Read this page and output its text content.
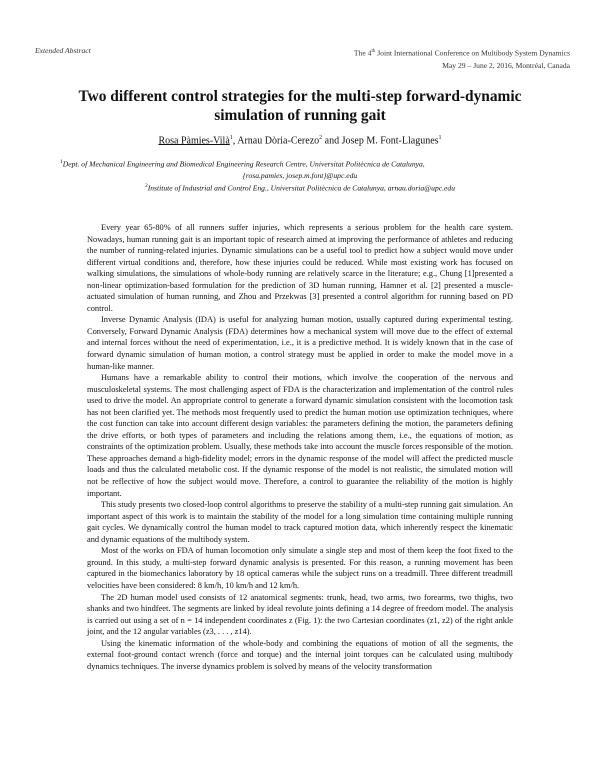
Extended Abstract	The 4th Joint International Conference on Multibody System Dynamics
May 29 – June 2, 2016, Montréal, Canada
Two different control strategies for the multi-step forward-dynamic
simulation of running gait
Rosa Pàmies-Vilà$^1$, Arnau Dòria-Cerezo$^2$ and Josep M. Font-Llagunes$^1$
$^1$Dept. of Mechanical Engineering and Biomedical Engineering Research Centre, Universitat Politècnica de Catalunya,
{rosa.pamies, josep.m.font}@upc.edu
$^2$Institute of Industrial and Control Eng., Universitat Politècnica de Catalunya, arnau.doria@upc.edu

Every year 65-80% of all runners suffer injuries, which represents a serious problem for the health care system. Nowadays, human running gait is an important topic of research aimed at improving the performance of athletes and reducing the number of running-related injuries. Dynamic simulations can be a useful tool to predict how a subject would move under different virtual conditions and, therefore, how these injuries could be reduced. While most existing work has focused on walking simulations, the simulations of whole-body running are relatively scarce in the literature; e.g., Chung [1]presented a non-linear optimization-based formulation for the prediction of 3D human running, Hamner et al. [2] presented a muscle-actuated simulation of human running, and Zhou and Przekwas [3] presented a control algorithm for running based on PD control.

Inverse Dynamic Analysis (IDA) is useful for analyzing human motion, usually captured during experimental testing. Conversely, Forward Dynamic Analysis (FDA) determines how a mechanical system will move due to the effect of external and internal forces without the need of experimentation, i.e., it is a predictive method. It is widely known that in the case of forward dynamic simulation of human motion, a control strategy must be applied in order to make the model move in a human-like manner.

Humans have a remarkable ability to control their motions, which involve the cooperation of the nervous and musculoskeletal systems. The most challenging aspect of FDA is the characterization and implementation of the control rules used to drive the model. An appropriate control to generate a forward dynamic simulation consistent with the locomotion task has not been clarified yet. The methods most frequently used to predict the human motion use optimization techniques, where the cost function can take into account different design variables: the parameters defining the motion, the parameters defining the drive efforts, or both types of parameters and including the relations among them, i.e., the equations of motion, as constraints of the optimization problem. Usually, these methods take into account the muscle forces responsible of the motion. These approaches demand a high-fidelity model; errors in the dynamic response of the model will affect the predicted muscle loads and thus the calculated metabolic cost. If the dynamic response of the model is not realistic, the simulated motion will not be reflective of how the subject would move. Therefore, a control to guarantee the reliability of the motion is highly important.

This study presents two closed-loop control algorithms to preserve the stability of a multi-step running gait simulation. An important aspect of this work is to maintain the stability of the model for a long simulation time containing multiple running gait cycles. We dynamically control the human model to track captured motion data, which inherently respect the kinematic and dynamic equations of the multibody system.

Most of the works on FDA of human locomotion only simulate a single step and most of them keep the foot fixed to the ground. In this study, a multi-step forward dynamic analysis is presented. For this reason, a running movement has been captured in the biomechanics laboratory by 18 optical cameras while the subject runs on a treadmill. Three different treadmill velocities have been considered: 8 km/h, 10 km/h and 12 km/h.

The 2D human model used consists of 12 anatomical segments: trunk, head, two arms, two forearms, two thighs, two shanks and two hindfeet. The segments are linked by ideal revolute joints defining a 14 degree of freedom model. The analysis is carried out using a set of n = 14 independent coordinates z (Fig. 1): the two Cartesian coordinates (z1, z2) of the right ankle joint, and the 12 angular variables (z3, . . . , z14).

Using the kinematic information of the whole-body and combining the equations of motion of all the segments, the external foot-ground contact wrench (force and torque) and the internal joint torques can be calculated using multibody dynamics techniques. The inverse dynamics problem is solved by means of the velocity transformation
